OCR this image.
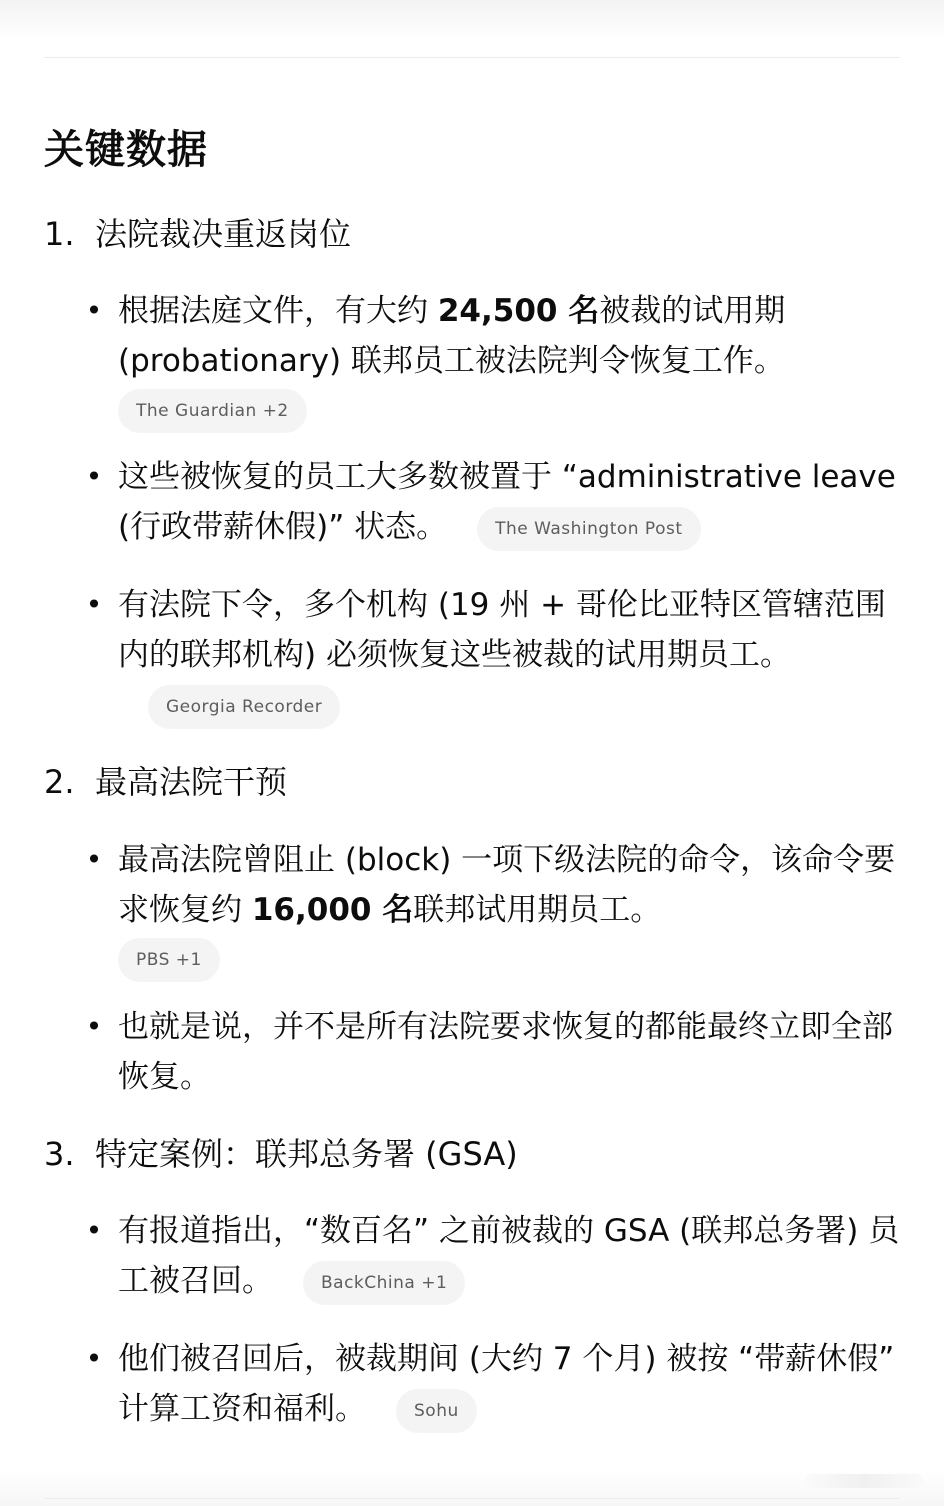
关键数据
1. 法院裁决重返岗位
• 根据法庭文件，有大约 24,500 名被裁的试用期 (probationary) 联邦员工被法院判令恢复工作。
The Guardian +2
• 这些被恢复的员工大多数被置于 “administrative leave (行政带薪休假)” 状态。	The Washington Post
• 有法院下令，多个机构 (19 州 + 哥伦比亚特区管辖范围内的联邦机构) 必须恢复这些被裁的试用期员工。Georgia Recorder
2. 最高法院干预
• 最高法院曾阻止 (block) 一项下级法院的命令，该命令要求恢复约 16,000 名联邦试用期员工。
PBS +1
• 也就是说，并不是所有法院要求恢复的都能最终立即全部恢复。
3. 特定案例：联邦总务署 (GSA)
• 有报道指出，“数百名” 之前被裁的 GSA (联邦总务署) 员工被召回。	BackChina +1
• 他们被召回后，被裁期间 (大约 7 个月) 被按 “带薪休假” 计算工资和福利。	Sohu
